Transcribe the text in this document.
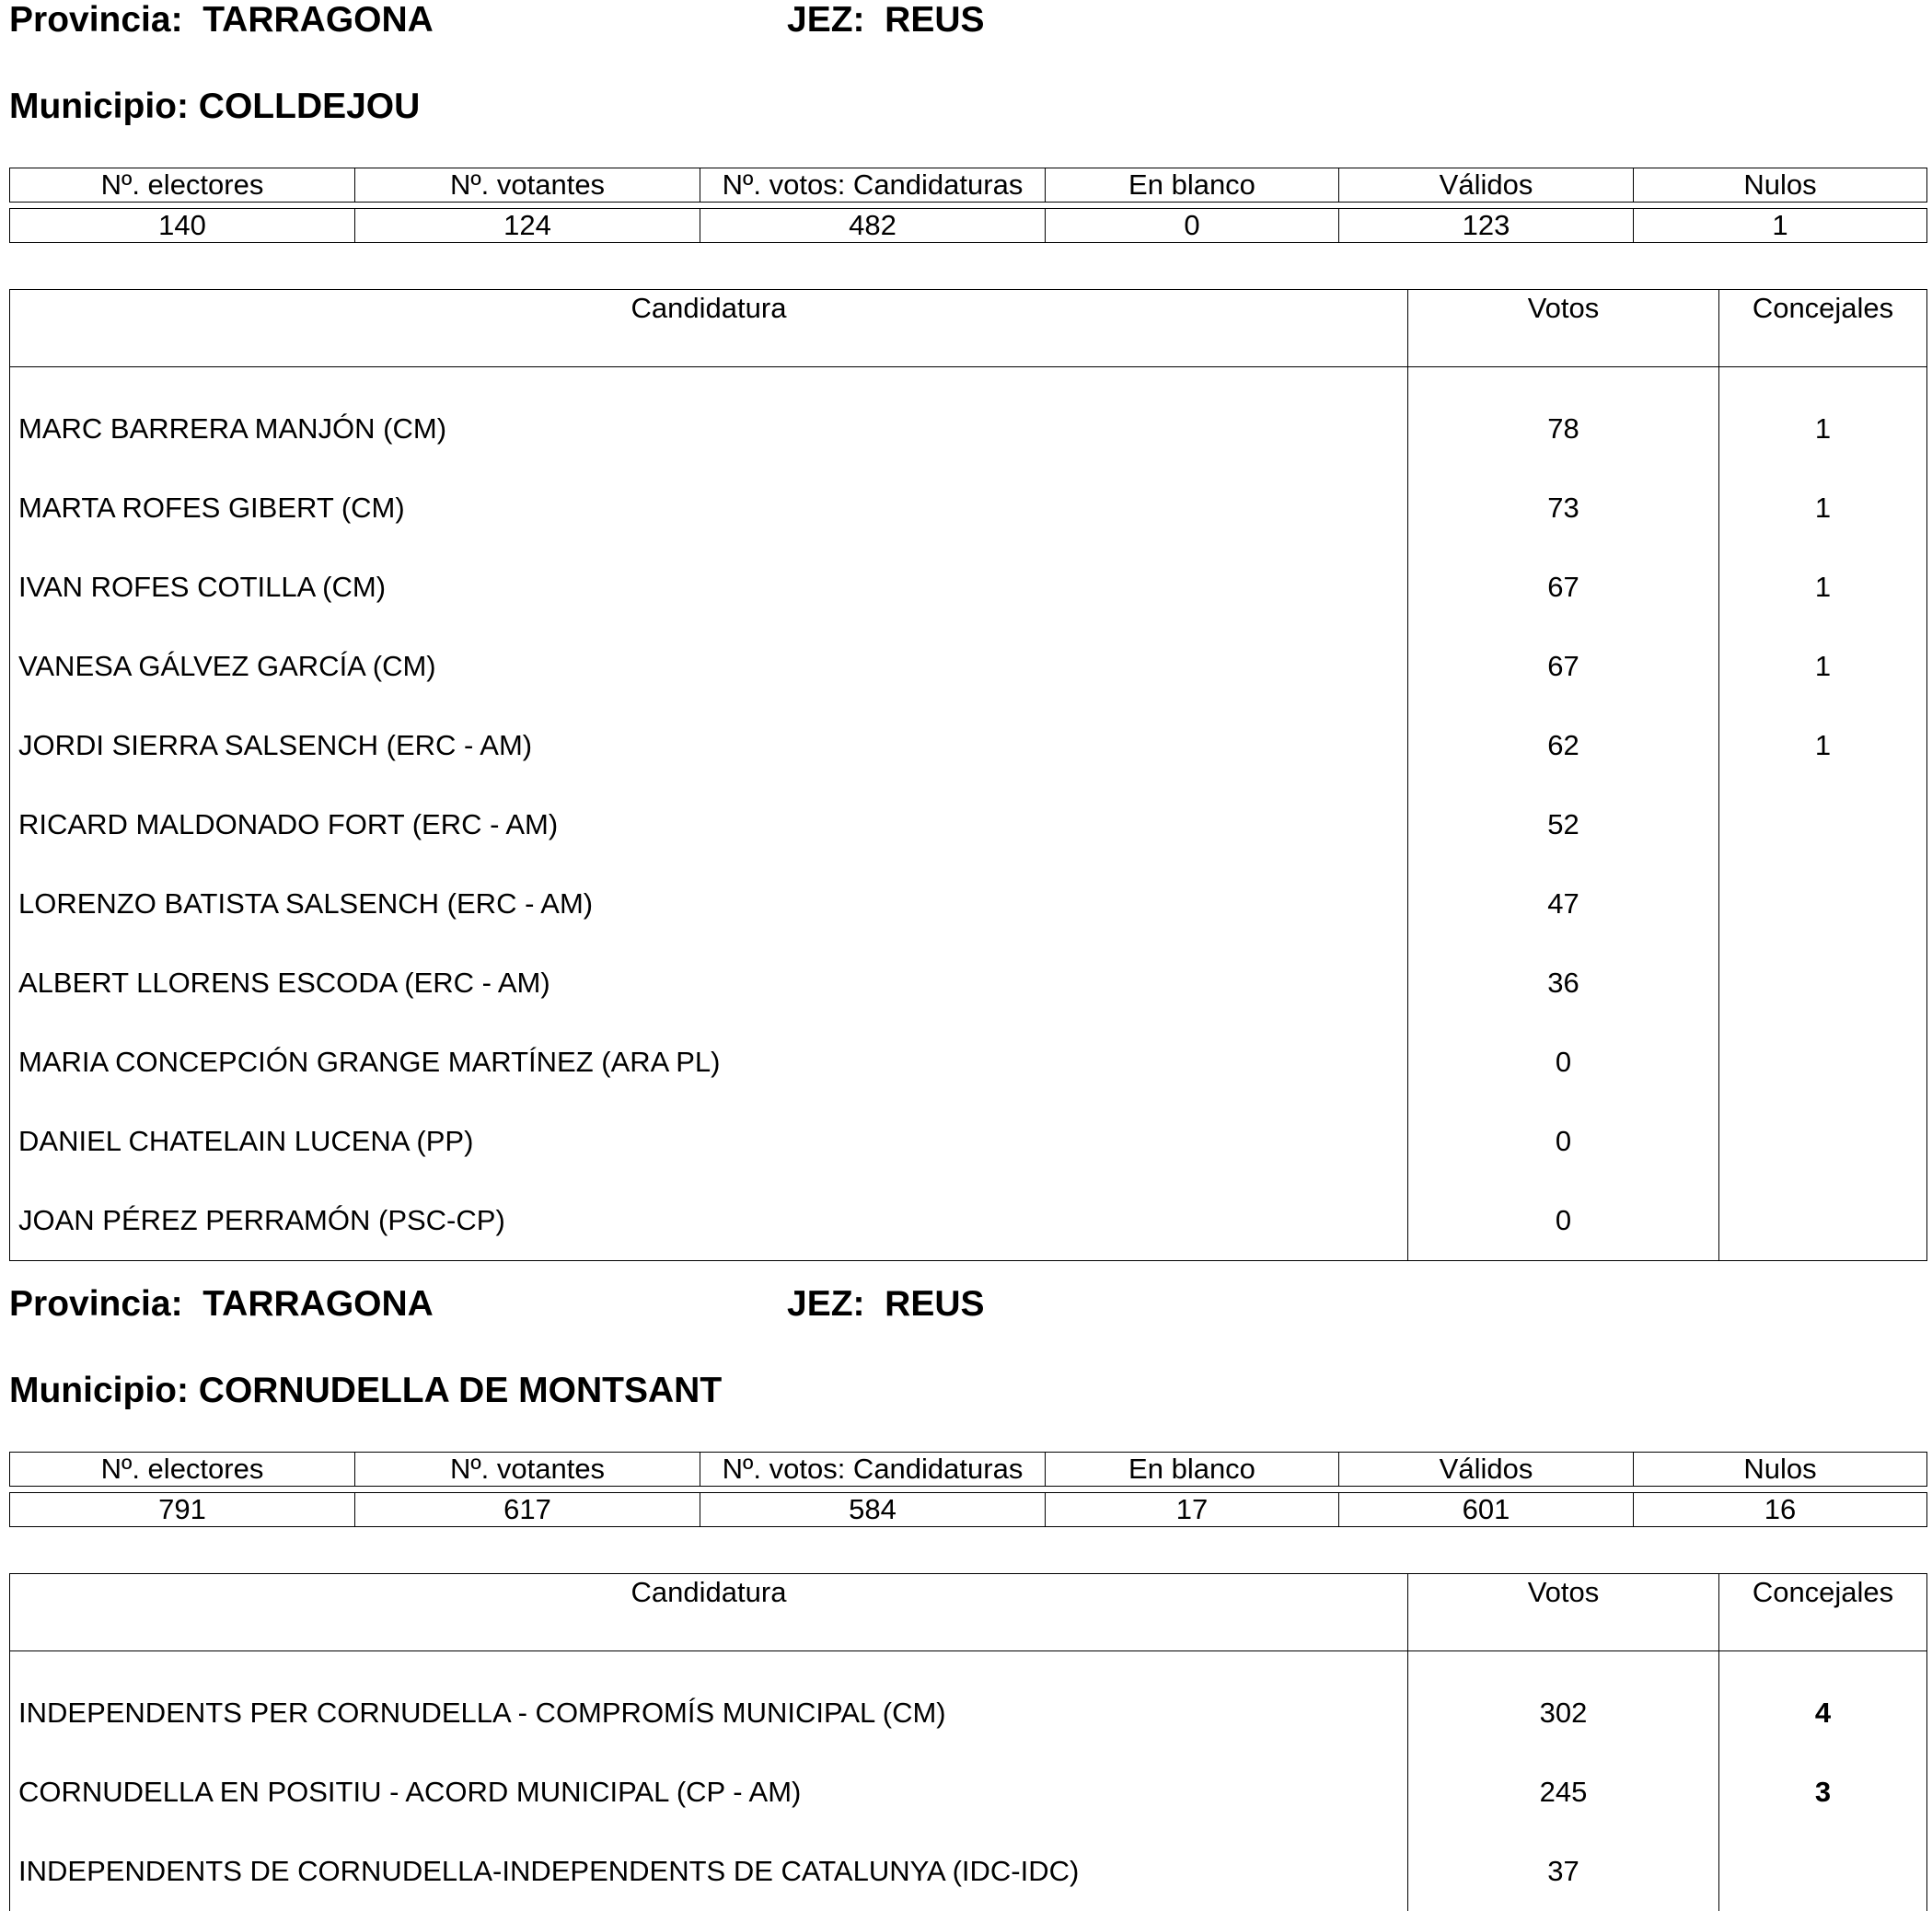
Provincia:  TARRAGONA	JEZ:  REUS
Municipio: COLLDEJOU
Nº. electores	Nº. votantes	Nº. votos: Candidaturas	En blanco	Válidos	Nulos
140	124	482	0	123	1
Candidatura	Votos	Concejales
MARC BARRERA MANJÓN (CM)	78	1
MARTA ROFES GIBERT (CM)	73	1
IVAN ROFES COTILLA (CM)	67	1
VANESA GÁLVEZ GARCÍA (CM)	67	1
JORDI SIERRA SALSENCH (ERC - AM)	62	1
RICARD MALDONADO FORT (ERC - AM)	52	
LORENZO BATISTA SALSENCH (ERC - AM)	47	
ALBERT LLORENS ESCODA (ERC - AM)	36	
MARIA CONCEPCIÓN GRANGE MARTÍNEZ (ARA PL)	0	
DANIEL CHATELAIN LUCENA (PP)	0	
JOAN PÉREZ PERRAMÓN (PSC-CP)	0	
Provincia:  TARRAGONA	JEZ:  REUS
Municipio: CORNUDELLA DE MONTSANT
Nº. electores	Nº. votantes	Nº. votos: Candidaturas	En blanco	Válidos	Nulos
791	617	584	17	601	16
Candidatura	Votos	Concejales
INDEPENDENTS PER CORNUDELLA - COMPROMÍS MUNICIPAL (CM)	302	4
CORNUDELLA EN POSITIU - ACORD MUNICIPAL (CP - AM)	245	3
INDEPENDENTS DE CORNUDELLA-INDEPENDENTS DE CATALUNYA (IDC-IDC)	37	
